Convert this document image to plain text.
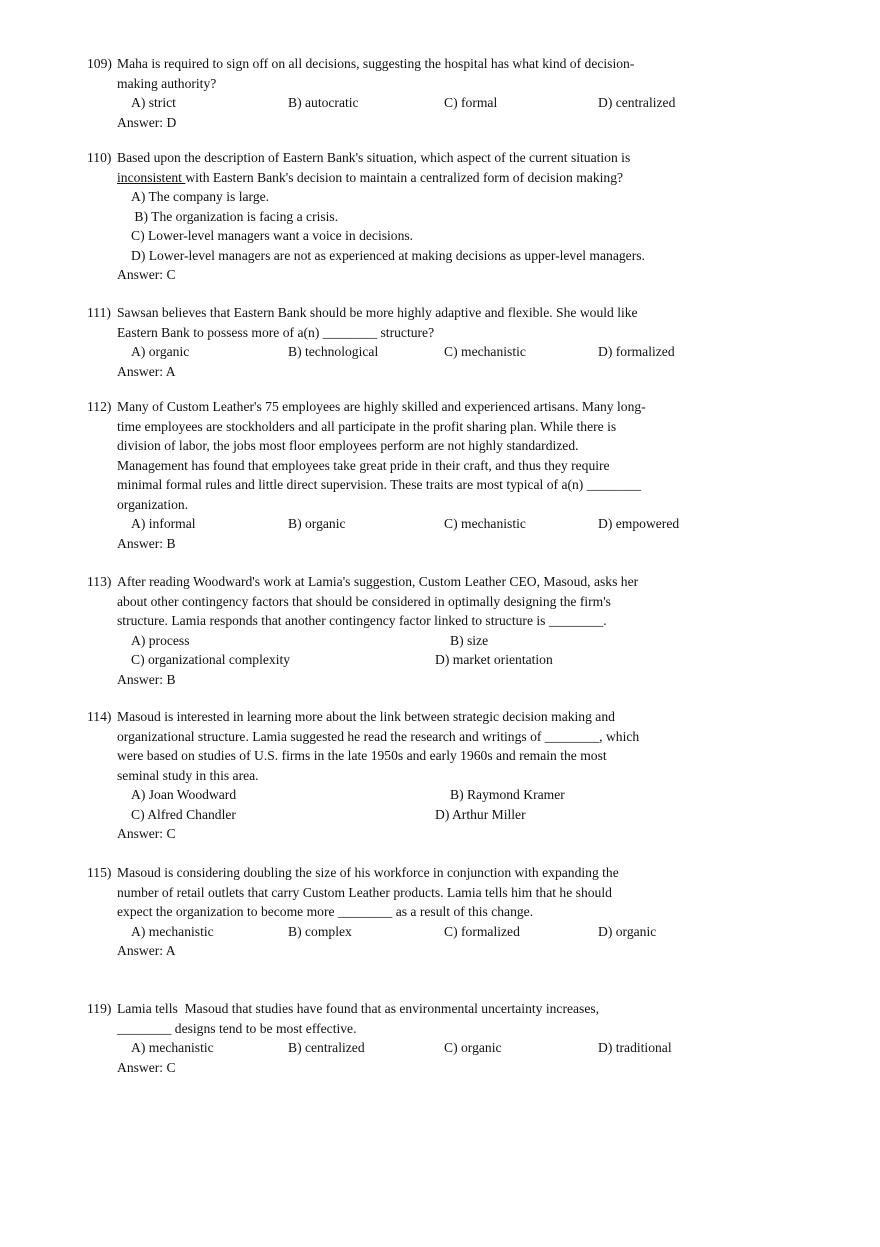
109) Maha is required to sign off on all decisions, suggesting the hospital has what kind of decision-
making authority?
A) strict	B) autocratic	C) formal	D) centralized
Answer: D
110) Based upon the description of Eastern Bank's situation, which aspect of the current situation is
inconsistent with Eastern Bank's decision to maintain a centralized form of decision making?
A) The company is large.
B) The organization is facing a crisis.
C) Lower-level managers want a voice in decisions.
D) Lower-level managers are not as experienced at making decisions as upper-level managers.
Answer: C
111) Sawsan believes that Eastern Bank should be more highly adaptive and flexible. She would like
Eastern Bank to possess more of a(n) ________ structure?
A) organic	B) technological	C) mechanistic	D) formalized
Answer: A
112) Many of Custom Leather's 75 employees are highly skilled and experienced artisans. Many long-
time employees are stockholders and all participate in the profit sharing plan. While there is
division of labor, the jobs most floor employees perform are not highly standardized.
Management has found that employees take great pride in their craft, and thus they require
minimal formal rules and little direct supervision. These traits are most typical of a(n) ________
organization.
A) informal	B) organic	C) mechanistic	D) empowered
Answer: B
113) After reading Woodward's work at Lamia's suggestion, Custom Leather CEO, Masoud, asks her
about other contingency factors that should be considered in optimally designing the firm's
structure. Lamia responds that another contingency factor linked to structure is ________.
A) process	B) size
C) organizational complexity	D) market orientation
Answer: B
114) Masoud is interested in learning more about the link between strategic decision making and
organizational structure. Lamia suggested he read the research and writings of ________, which
were based on studies of U.S. firms in the late 1950s and early 1960s and remain the most
seminal study in this area.
A) Joan Woodward	B) Raymond Kramer
C) Alfred Chandler	D) Arthur Miller
Answer: C
115) Masoud is considering doubling the size of his workforce in conjunction with expanding the
number of retail outlets that carry Custom Leather products. Lamia tells him that he should
expect the organization to become more ________ as a result of this change.
A) mechanistic	B) complex	C) formalized	D) organic
Answer: A
119) Lamia tells  Masoud that studies have found that as environmental uncertainty increases,
________ designs tend to be most effective.
A) mechanistic	B) centralized	C) organic	D) traditional
Answer: C
